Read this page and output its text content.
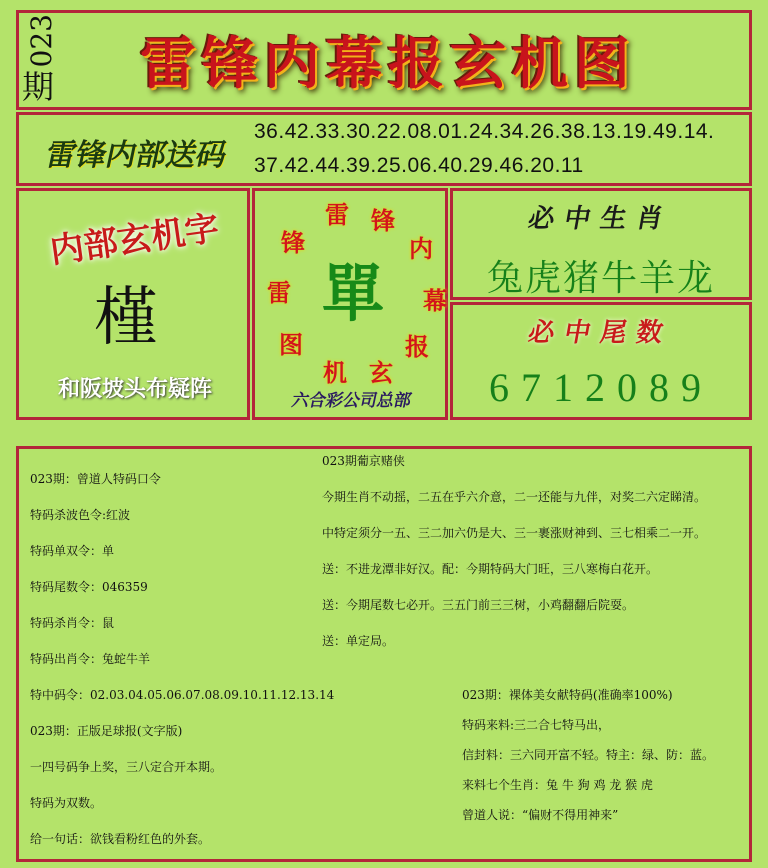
023
期	雷锋内幕报玄机图
雷锋内部送码
36.42.33.30.22.08.01.24.34.26.38.13.19.49.14.
37.42.44.39.25.06.40.29.46.20.11
内部玄机字
槿
和阪坡头布疑阵
雷 锋
内
幕
报
玄
机
图
雷
锋
單
六合彩公司总部
必中生肖
兔虎猪牛羊龙
必中尾数
6712089
023期：曾道人特码口令
特码杀波色令:红波
特码单双令：单
特码尾数令：046359
特码杀肖令：鼠
特码出肖令：兔蛇牛羊
023期葡京赌侠
今期生肖不动摇，二五在乎六介意，二一还能与九伴，对奖二六定睇清。
中特定须分一五、三二加六仍是大、三一裹涨财神到、三七相乘二一开。
送：不进龙潭非好汉。配：今期特码大门旺，三八寒梅白花开。
送：今期尾数七必开。三五门前三三树，小鸡翻翻后院耍。
送：单定局。
特中码令：02.03.04.05.06.07.08.09.10.11.12.13.14
023期：正版足球报(文字版)
一四号码争上奖，三八定合开本期。
特码为双数。
给一句话：欲钱看粉红色的外套。
023期：裸体美女献特码(准确率100%)
特码来料:三二合七特马出，
信封料：三六同开富不轻。特主：绿、防：蓝。
来料七个生肖：兔 牛 狗 鸡 龙 猴 虎
曾道人说：“偏财不得用神来”
